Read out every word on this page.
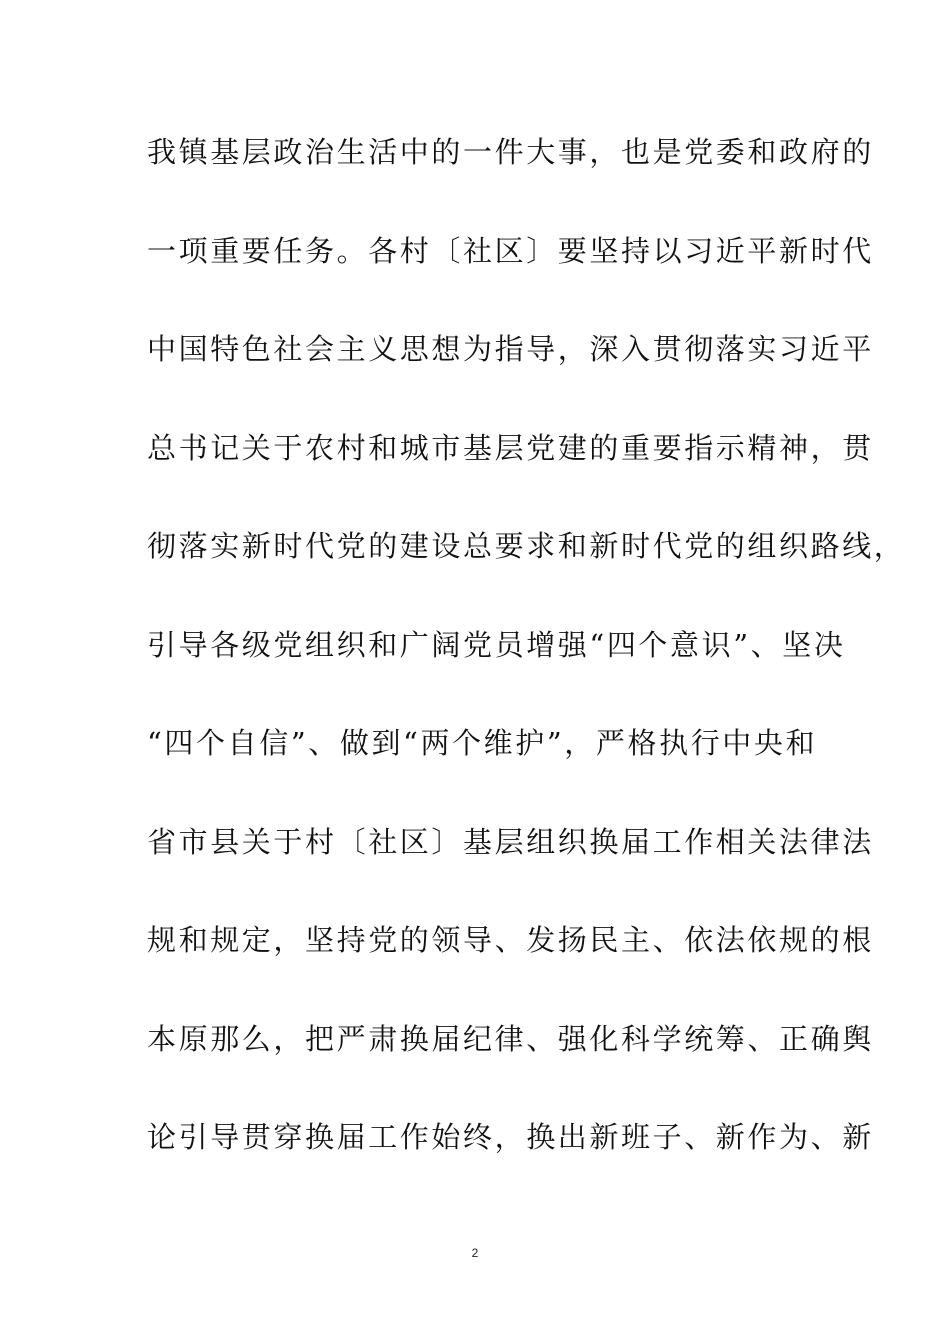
我镇基层政治生活中的一件大事，也是党委和政府的
一项重要任务。各村〔社区〕要坚持以习近平新时代
中国特色社会主义思想为指导，深入贯彻落实习近平
总书记关于农村和城市基层党建的重要指示精神，贯
彻落实新时代党的建设总要求和新时代党的组织路线，
引导各级党组织和广阔党员增强“四个意识”、坚决
“四个自信”、做到“两个维护”，严格执行中央和
省市县关于村〔社区〕基层组织换届工作相关法律法
规和规定，坚持党的领导、发扬民主、依法依规的根
本原那么，把严肃换届纪律、强化科学统筹、正确舆
论引导贯穿换届工作始终，换出新班子、新作为、新
2
